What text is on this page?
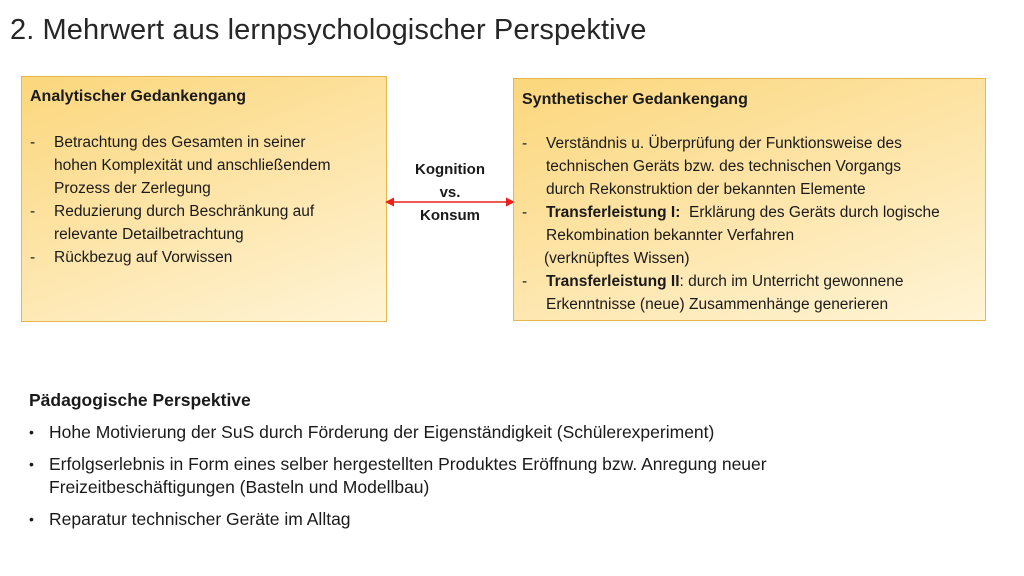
2. Mehrwert aus lernpsychologischer Perspektive
Analytischer Gedankengang
-	Betrachtung des Gesamten in seiner
hohen Komplexität und anschließendem
Prozess der Zerlegung
-	Reduzierung durch Beschränkung auf
relevante Detailbetrachtung
-	Rückbezug auf Vorwissen
Kognition
vs.
Konsum
Synthetischer Gedankengang
-	Verständnis u. Überprüfung der Funktionsweise des
technischen Geräts bzw. des technischen Vorgangs
durch Rekonstruktion der bekannten Elemente
-	Transferleistung I:  Erklärung des Geräts durch logische
Rekombination bekannter Verfahren
(verknüpftes Wissen)
-	Transferleistung II: durch im Unterricht gewonnene
Erkenntnisse (neue) Zusammenhänge generieren
Pädagogische Perspektive
• Hohe Motivierung der SuS durch Förderung der Eigenständigkeit (Schülerexperiment)
• Erfolgserlebnis in Form eines selber hergestellten Produktes Eröffnung bzw. Anregung neuer
Freizeitbeschäftigungen (Basteln und Modellbau)
• Reparatur technischer Geräte im Alltag
